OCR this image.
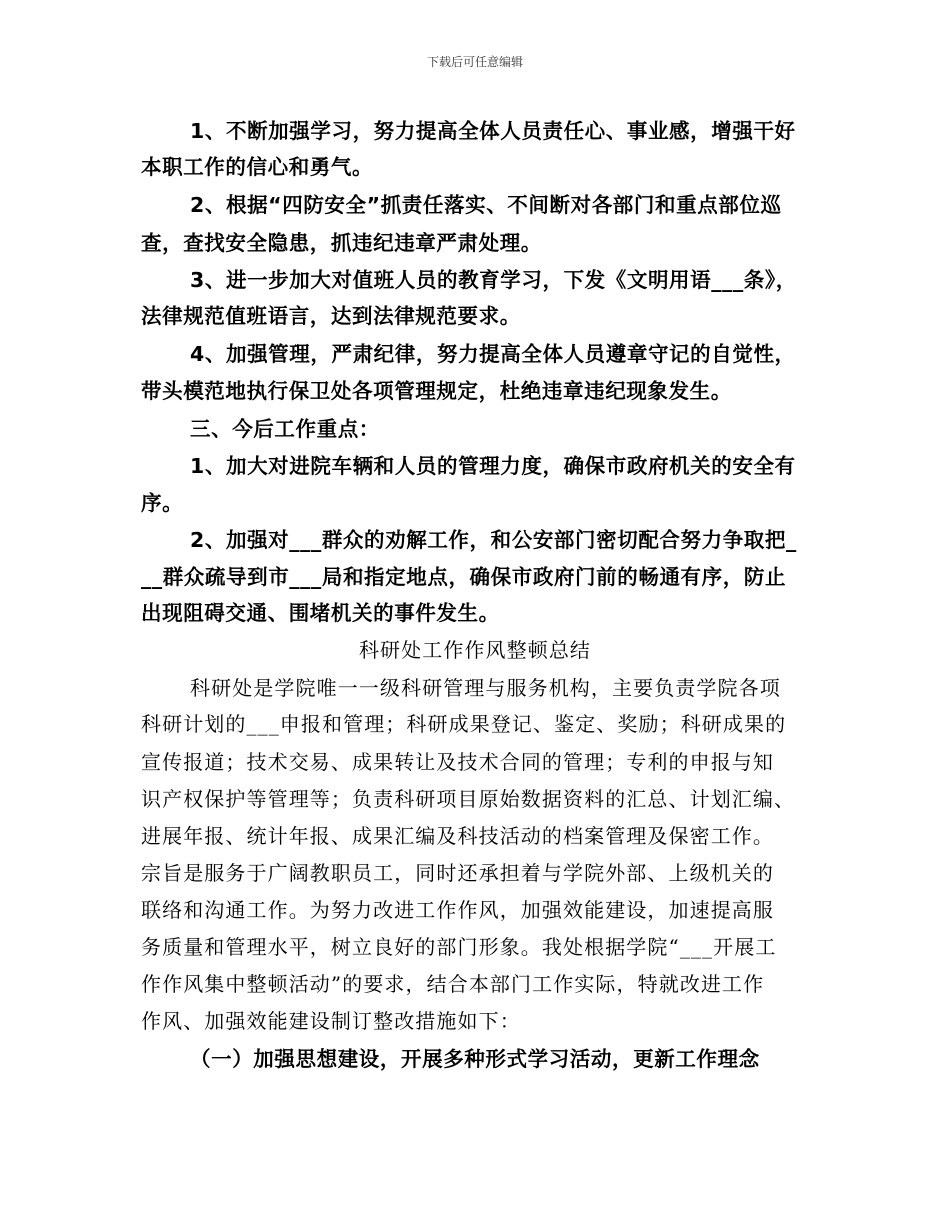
下载后可任意编辑
1、不断加强学习，努力提高全体人员责任心、事业感，增强干好
本职工作的信心和勇气。
2、根据“四防安全”抓责任落实、不间断对各部门和重点部位巡
查，查找安全隐患，抓违纪违章严肃处理。
3、进一步加大对值班人员的教育学习，下发《文明用语___条》，
法律规范值班语言，达到法律规范要求。
4、加强管理，严肃纪律，努力提高全体人员遵章守记的自觉性，
带头模范地执行保卫处各项管理规定，杜绝违章违纪现象发生。
三、今后工作重点：
1、加大对进院车辆和人员的管理力度，确保市政府机关的安全有
序。
2、加强对___群众的劝解工作，和公安部门密切配合努力争取把_
__群众疏导到市___局和指定地点，确保市政府门前的畅通有序，防止
出现阻碍交通、围堵机关的事件发生。
科研处工作作风整顿总结
科研处是学院唯一一级科研管理与服务机构，主要负责学院各项
科研计划的___申报和管理；科研成果登记、鉴定、奖励；科研成果的
宣传报道；技术交易、成果转让及技术合同的管理；专利的申报与知
识产权保护等管理等；负责科研项目原始数据资料的汇总、计划汇编、
进展年报、统计年报、成果汇编及科技活动的档案管理及保密工作。
宗旨是服务于广阔教职员工，同时还承担着与学院外部、上级机关的
联络和沟通工作。为努力改进工作作风，加强效能建设，加速提高服
务质量和管理水平，树立良好的部门形象。我处根据学院“___开展工
作作风集中整顿活动”的要求，结合本部门工作实际，特就改进工作
作风、加强效能建设制订整改措施如下：
（一）加强思想建设，开展多种形式学习活动，更新工作理念
